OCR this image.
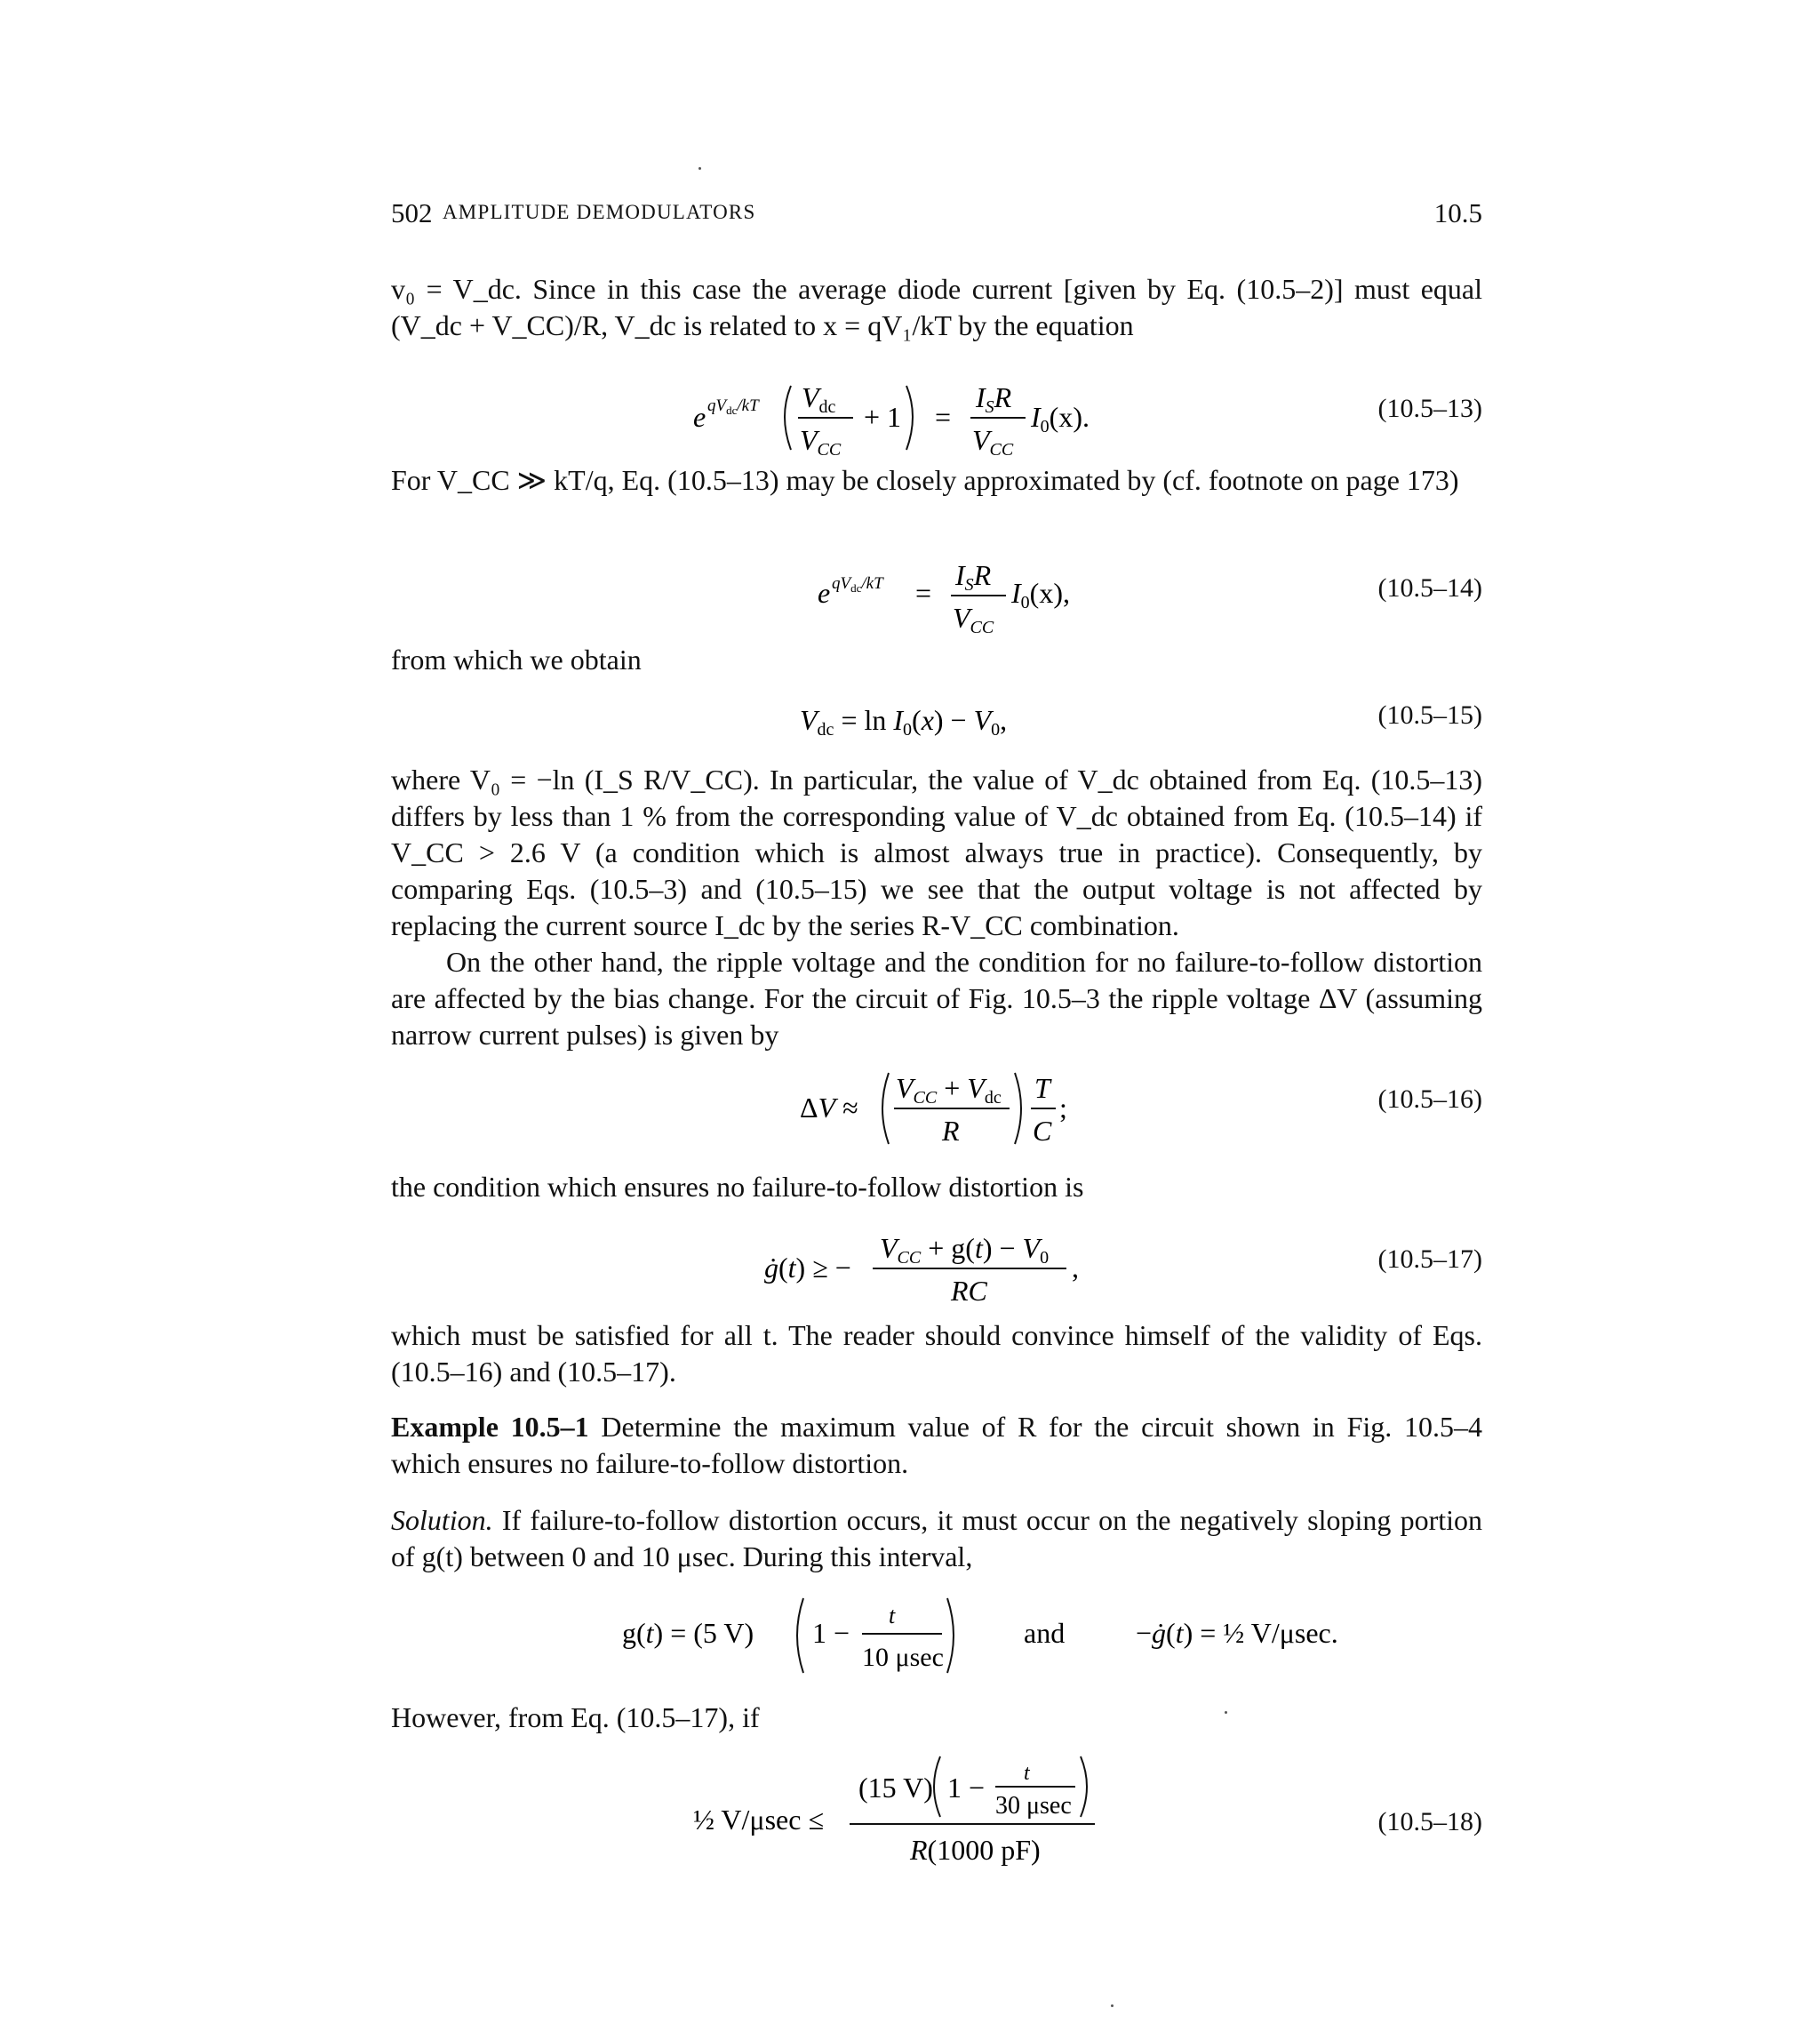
502 AMPLITUDE DEMODULATORS	10.5
v₀ = V_dc. Since in this case the average diode current [given by Eq. (10.5–2)] must equal (V_dc + V_CC)/R, V_dc is related to x = qV₁/kT by the equation
e $qV_{dc}/kT$ Vdc
VCC
+ 1 =
ISR
VCC
I0(x).	(10.5–13)
For V_CC ≫ kT/q, Eq. (10.5–13) may be closely approximated by (cf. footnote on page 173)
e $qV_{dc}/kT$ =
ISR
VCC
I0(x),	(10.5–14)
from which we obtain
Vdc = ln I0(x) − V0,	(10.5–15)
where V₀ = −ln (I_S R/V_CC). In particular, the value of V_dc obtained from Eq. (10.5–13) differs by less than 1 % from the corresponding value of V_dc obtained from Eq. (10.5–14) if V_CC > 2.6 V (a condition which is almost always true in practice). Consequently, by comparing Eqs. (10.5–3) and (10.5–15) we see that the output voltage is not affected by replacing the current source I_dc by the series R-V_CC combination.
On the other hand, the ripple voltage and the condition for no failure-to-follow distortion are affected by the bias change. For the circuit of Fig. 10.5–3 the ripple voltage ΔV (assuming narrow current pulses) is given by
ΔV ≈
VCC + Vdc
R
T
C
;	(10.5–16)
the condition which ensures no failure-to-follow distortion is
ġ(t) ≥ −
VCC + g(t) − V0
RC
,	(10.5–17)
which must be satisfied for all t. The reader should convince himself of the validity of Eqs. (10.5–16) and (10.5–17).
Example 10.5–1 Determine the maximum value of R for the circuit shown in Fig. 10.5–4 which ensures no failure-to-follow distortion.
Solution. If failure-to-follow distortion occurs, it must occur on the negatively sloping portion of g(t) between 0 and 10 μsec. During this interval,
g(t) = (5 V) 1 −
t
10 μsec
and −ġ(t) = ½ V/μsec.
However, from Eq. (10.5–17), if
½ V/μsec ≤
(15 V) 1 − t
30 μsec
R(1000 pF)
(10.5–18)
